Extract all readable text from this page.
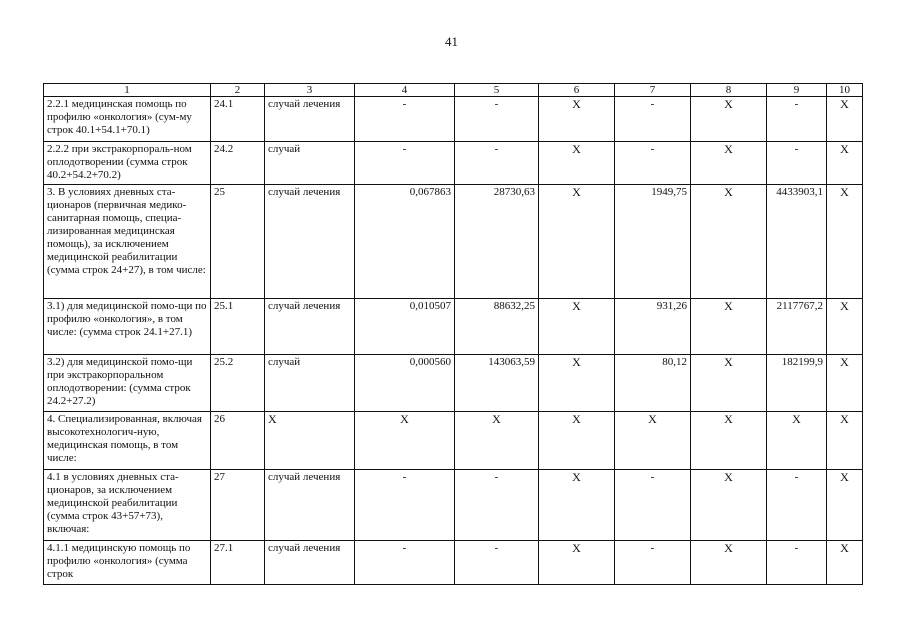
41
1	2	3	4	5	6	7	8	9	10
2.2.1 медицинская помощь по профилю «онкология» (сум-му строк 40.1+54.1+70.1)	24.1	случай лечения	-	-	X	-	X	-	X
2.2.2 при экстракорпораль-ном оплодотворении (сумма строк 40.2+54.2+70.2)	24.2	случай	-	-	X	-	X	-	X
3. В условиях дневных ста-ционаров (первичная медико-санитарная помощь, специа-лизированная медицинская помощь), за исключением медицинской реабилитации (сумма строк 24+27), в том числе:	25	случай лечения	0,067863	28730,63	X	1949,75	X	4433903,1	X
3.1) для медицинской помо-щи по профилю «онкология», в том числе: (сумма строк 24.1+27.1)	25.1	случай лечения	0,010507	88632,25	X	931,26	X	2117767,2	X
3.2) для медицинской помо-щи при экстракорпоральном оплодотворении: (сумма строк 24.2+27.2)	25.2	случай	0,000560	143063,59	X	80,12	X	182199,9	X
4. Специализированная, включая высокотехнологич-ную, медицинская помощь, в том числе:	26	X	X	X	X	X	X	X	X
4.1 в условиях дневных ста-ционаров, за исключением медицинской реабилитации (сумма строк 43+57+73), включая:	27	случай лечения	-	-	X	-	X	-	X
4.1.1 медицинскую помощь по профилю «онкология» (сумма строк	27.1	случай лечения	-	-	X	-	X	-	X
